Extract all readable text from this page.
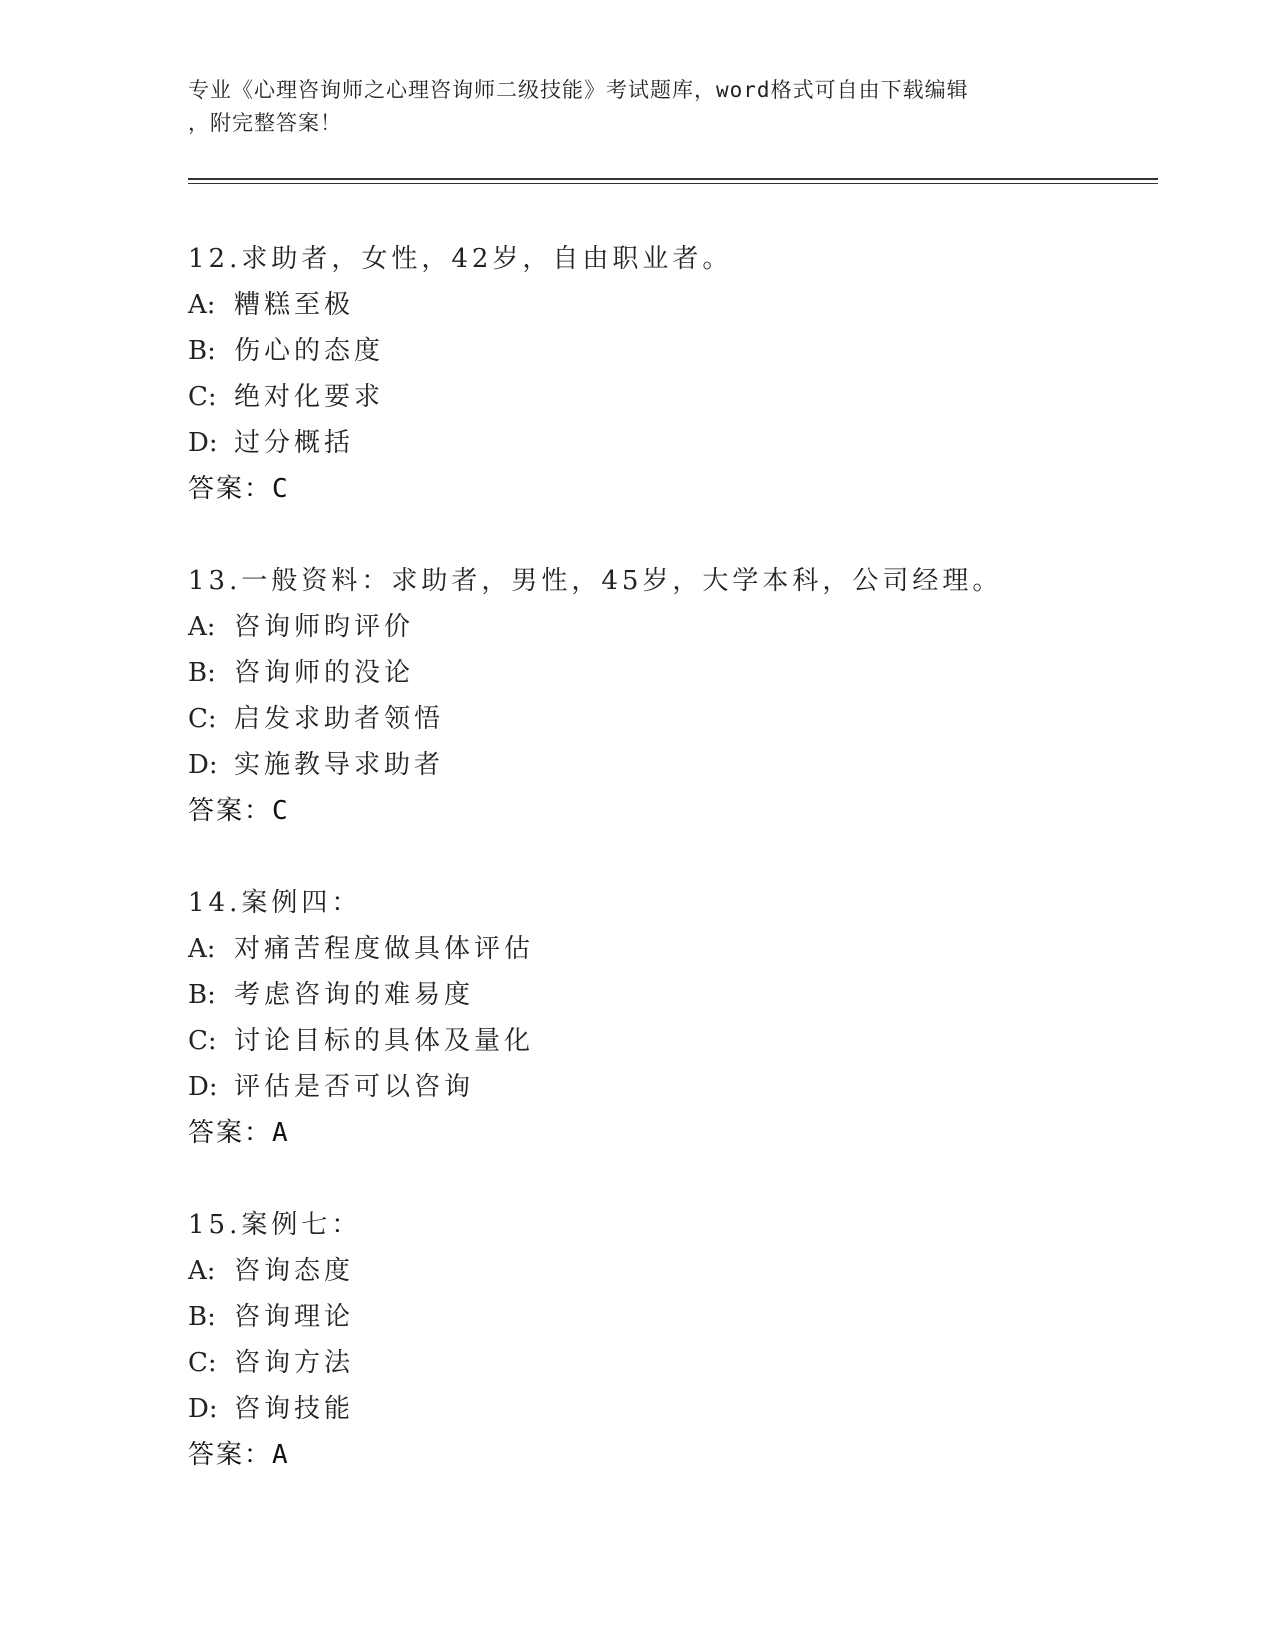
专业《心理咨询师之心理咨询师二级技能》考试题库，word格式可自由下载编辑
，附完整答案！
12.求助者，女性，42岁，自由职业者。
A: 糟糕至极
B: 伤心的态度
C: 绝对化要求
D: 过分概括
答案：C
13.一般资料：求助者，男性，45岁，大学本科，公司经理。
A: 咨询师昀评价
B: 咨询师的没论
C: 启发求助者领悟
D: 实施教导求助者
答案：C
14.案例四：
A: 对痛苦程度做具体评估
B: 考虑咨询的难易度
C: 讨论目标的具体及量化
D: 评估是否可以咨询
答案：A
15.案例七：
A: 咨询态度
B: 咨询理论
C: 咨询方法
D: 咨询技能
答案：A
